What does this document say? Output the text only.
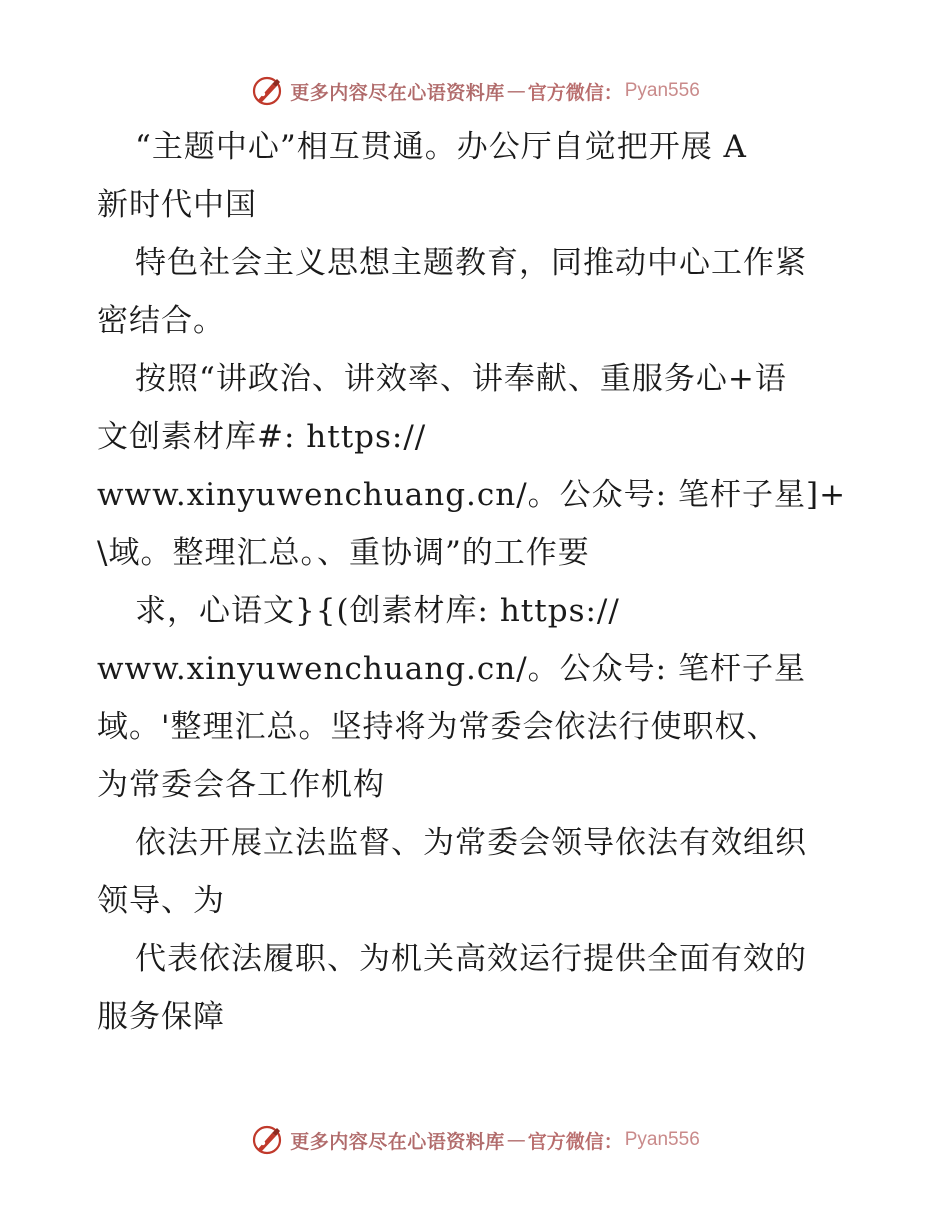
更多内容尽在心语资料库 — 官方微信： Pyan556
“主题中心”相互贯通。办公厅自觉把开展 A
新时代中国
特色社会主义思想主题教育，同推动中心工作紧
密结合。
按照“讲政治、讲效率、讲奉献、重服务心+语
文创素材库#: https://
www.xinyuwenchuang.cn/。公众号: 笔杆子星]+
\域。整理汇总。、重协调”的工作要
求，心语文}{(创素材库: https://
www.xinyuwenchuang.cn/。公众号: 笔杆子星
域。'整理汇总。坚持将为常委会依法行使职权、
为常委会各工作机构
依法开展立法监督、为常委会领导依法有效组织
领导、为
代表依法履职、为机关高效运行提供全面有效的
服务保障
更多内容尽在心语资料库 — 官方微信： Pyan556
